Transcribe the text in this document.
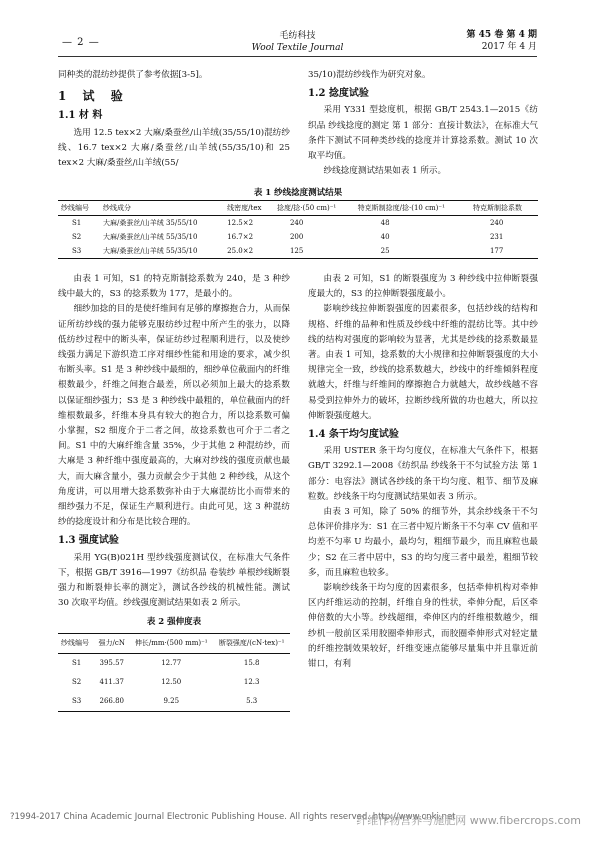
— 2 —
毛纺科技
Wool Textile Journal
第 45 卷 第 4 期
2017 年 4 月

同种类的混纺纱提供了参考依据[3-5]。

1 试 验
1.1 材 料

选用 12.5 tex×2 大麻/桑蚕丝/山羊绒(35/55/10)混纺纱线、16.7 tex×2 大麻/桑蚕丝/山羊绒(55/35/10)和 25 tex×2 大麻/桑蚕丝/山羊绒(55/

35/10)混纺纱线作为研究对象。

1.2 捻度试验

采用 Y331 型捻度机，根据 GB/T 2543.1—2015《纺织品 纱线捻度的测定 第 1 部分：直接计数法》，在标准大气条件下测试不同种类纱线的捻度并计算捻系数。测试 10 次取平均值。

纱线捻度测试结果如表 1 所示。

表 1 纱线捻度测试结果
纱线编号	纱线成分	线密度/tex	捻度/捻·(50 cm)⁻¹	特克斯制捻度/捻·(10 cm)⁻¹	特克斯制捻系数
S1	大麻/桑蚕丝/山羊绒 35/55/10	12.5×2	240	48	240
S2	大麻/桑蚕丝/山羊绒 55/35/10	16.7×2	200	40	231
S3	大麻/桑蚕丝/山羊绒 55/35/10	25.0×2	125	25	177

由表 1 可知，S1 的特克斯制捻系数为 240，是 3 种纱线中最大的，S3 的捻系数为 177，是最小的。

细纱加捻的目的是使纤维间有足够的摩擦抱合力，从而保证所纺纱线的强力能够克服纺纱过程中所产生的张力，以降低纺纱过程中的断头率，保证纺纱过程顺利进行，以及使纱线强力满足下游织造工序对细纱性能和用途的要求，减少织布断头率。S1 是 3 种纱线中最细的，细纱单位截面内的纤维根数最少，纤维之间抱合最差，所以必须加上最大的捻系数以保证细纱强力；S3 是 3 种纱线中最粗的，单位截面内的纤维根数最多，纤维本身具有较大的抱合力，所以捻系数可偏小掌握，S2 细度介于二者之间，故捻系数也可介于二者之间。S1 中的大麻纤维含量 35%，少于其他 2 种混纺纱，而大麻是 3 种纤维中强度最高的，大麻对纱线的强度贡献也最大，而大麻含量小，强力贡献会少于其他 2 种纱线，从这个角度讲，可以用增大捻系数弥补由于大麻混纺比小而带来的细纱强力不足，保证生产顺利进行。由此可见，这 3 种混纺纱的捻度设计和分布是比较合理的。

1.3 强度试验

采用 YG(B)021H 型纱线强度测试仪，在标准大气条件下，根据 GB/T 3916—1997《纺织品 卷装纱 单根纱线断裂强力和断裂伸长率的测定》，测试各纱线的机械性能。测试 30 次取平均值。纱线强度测试结果如表 2 所示。

表 2 强伸度表
纱线编号	强力/cN	伸长/mm·(500 mm)⁻¹	断裂强度/(cN·tex)⁻¹
S1	395.57	12.77	15.8
S2	411.37	12.50	12.3
S3	266.80	9.25	5.3

由表 2 可知，S1 的断裂强度为 3 种纱线中拉伸断裂强度最大的，S3 的拉伸断裂强度最小。

影响纱线拉伸断裂强度的因素很多，包括纱线的结构和规格、纤维的品种和性质及纱线中纤维的混纺比等。其中纱线的结构对强度的影响较为显著，尤其是纱线的捻系数最显著。由表 1 可知，捻系数的大小规律和拉伸断裂强度的大小规律完全一致，纱线的捻系数越大，纱线中的纤维倾斜程度就越大，纤维与纤维间的摩擦抱合力就越大，故纱线越不容易受到拉伸外力的破坏，拉断纱线所做的功也越大，所以拉伸断裂强度越大。

1.4 条干均匀度试验

采用 USTER 条干均匀度仪，在标准大气条件下，根据 GB/T 3292.1—2008《纺织品 纱线条干不匀试验方法 第 1 部分：电容法》测试各纱线的条干均匀度、粗节、细节及麻粒数。纱线条干均匀度测试结果如表 3 所示。

由表 3 可知，除了 50% 的细节外，其余纱线条干不匀总体评价排序为：S1 在三者中短片断条干不匀率 CV 值和平均差不匀率 U 均最小，最均匀，粗细节最少，而且麻粒也最少；S2 在三者中居中，S3 的均匀度三者中最差，粗细节较多，而且麻粒也较多。

影响纱线条干均匀度的因素很多，包括牵伸机构对牵伸区内纤维运动的控制，纤维自身的性状，牵伸分配，后区牵伸倍数的大小等。纱线超细，牵伸区内的纤维根数越少，细纱机一般前区采用胶圈牵伸形式，而胶圈牵伸形式对轻定量的纤维控制效果较好，纤维变速点能够尽量集中并且靠近前钳口，有利

?1994-2017 China Academic Journal Electronic Publishing House. All rights reserved. http://www.cnki.net
纤维作物营养与施肥网 www.fibercrops.com
